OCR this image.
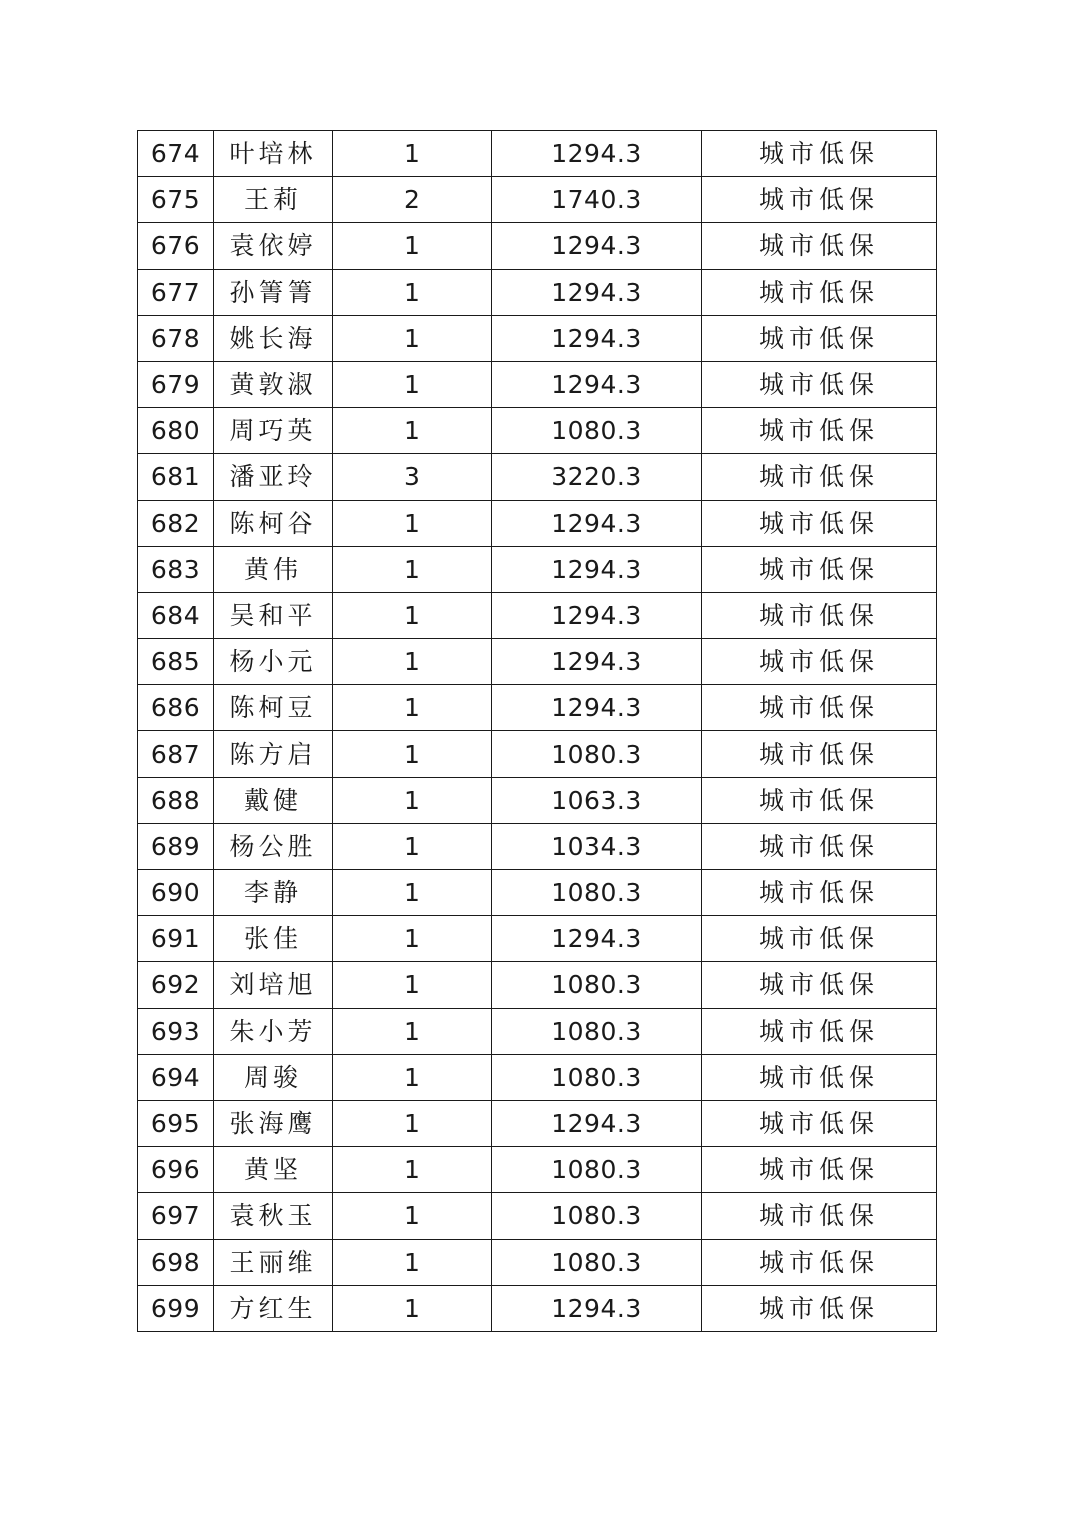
674	叶培林	1	1294.3	城市低保
675	王莉	2	1740.3	城市低保
676	袁依婷	1	1294.3	城市低保
677	孙箐箐	1	1294.3	城市低保
678	姚长海	1	1294.3	城市低保
679	黄敦淑	1	1294.3	城市低保
680	周巧英	1	1080.3	城市低保
681	潘亚玲	3	3220.3	城市低保
682	陈柯谷	1	1294.3	城市低保
683	黄伟	1	1294.3	城市低保
684	吴和平	1	1294.3	城市低保
685	杨小元	1	1294.3	城市低保
686	陈柯豆	1	1294.3	城市低保
687	陈方启	1	1080.3	城市低保
688	戴健	1	1063.3	城市低保
689	杨公胜	1	1034.3	城市低保
690	李静	1	1080.3	城市低保
691	张佳	1	1294.3	城市低保
692	刘培旭	1	1080.3	城市低保
693	朱小芳	1	1080.3	城市低保
694	周骏	1	1080.3	城市低保
695	张海鹰	1	1294.3	城市低保
696	黄坚	1	1080.3	城市低保
697	袁秋玉	1	1080.3	城市低保
698	王丽维	1	1080.3	城市低保
699	方红生	1	1294.3	城市低保
